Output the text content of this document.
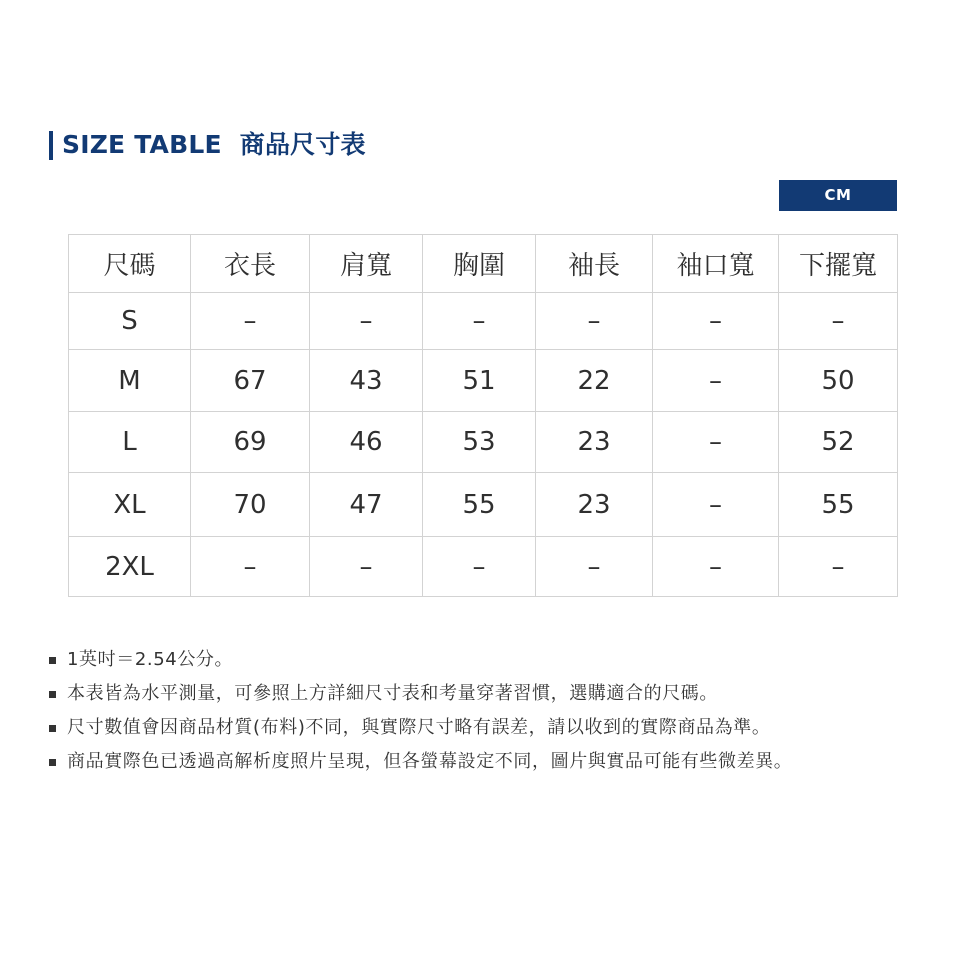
SIZE TABLE 商品尺寸表
CM
尺碼	衣長	肩寬	胸圍	袖長	袖口寬	下擺寬
S	–	–	–	–	–	–
M	67	43	51	22	–	50
L	69	46	53	23	–	52
XL	70	47	55	23	–	55
2XL	–	–	–	–	–	–
1英吋＝2.54公分。
本表皆為水平測量，可參照上方詳細尺寸表和考量穿著習慣，選購適合的尺碼。
尺寸數值會因商品材質(布料)不同，與實際尺寸略有誤差，請以收到的實際商品為準。
商品實際色已透過高解析度照片呈現，但各螢幕設定不同，圖片與實品可能有些微差異。
